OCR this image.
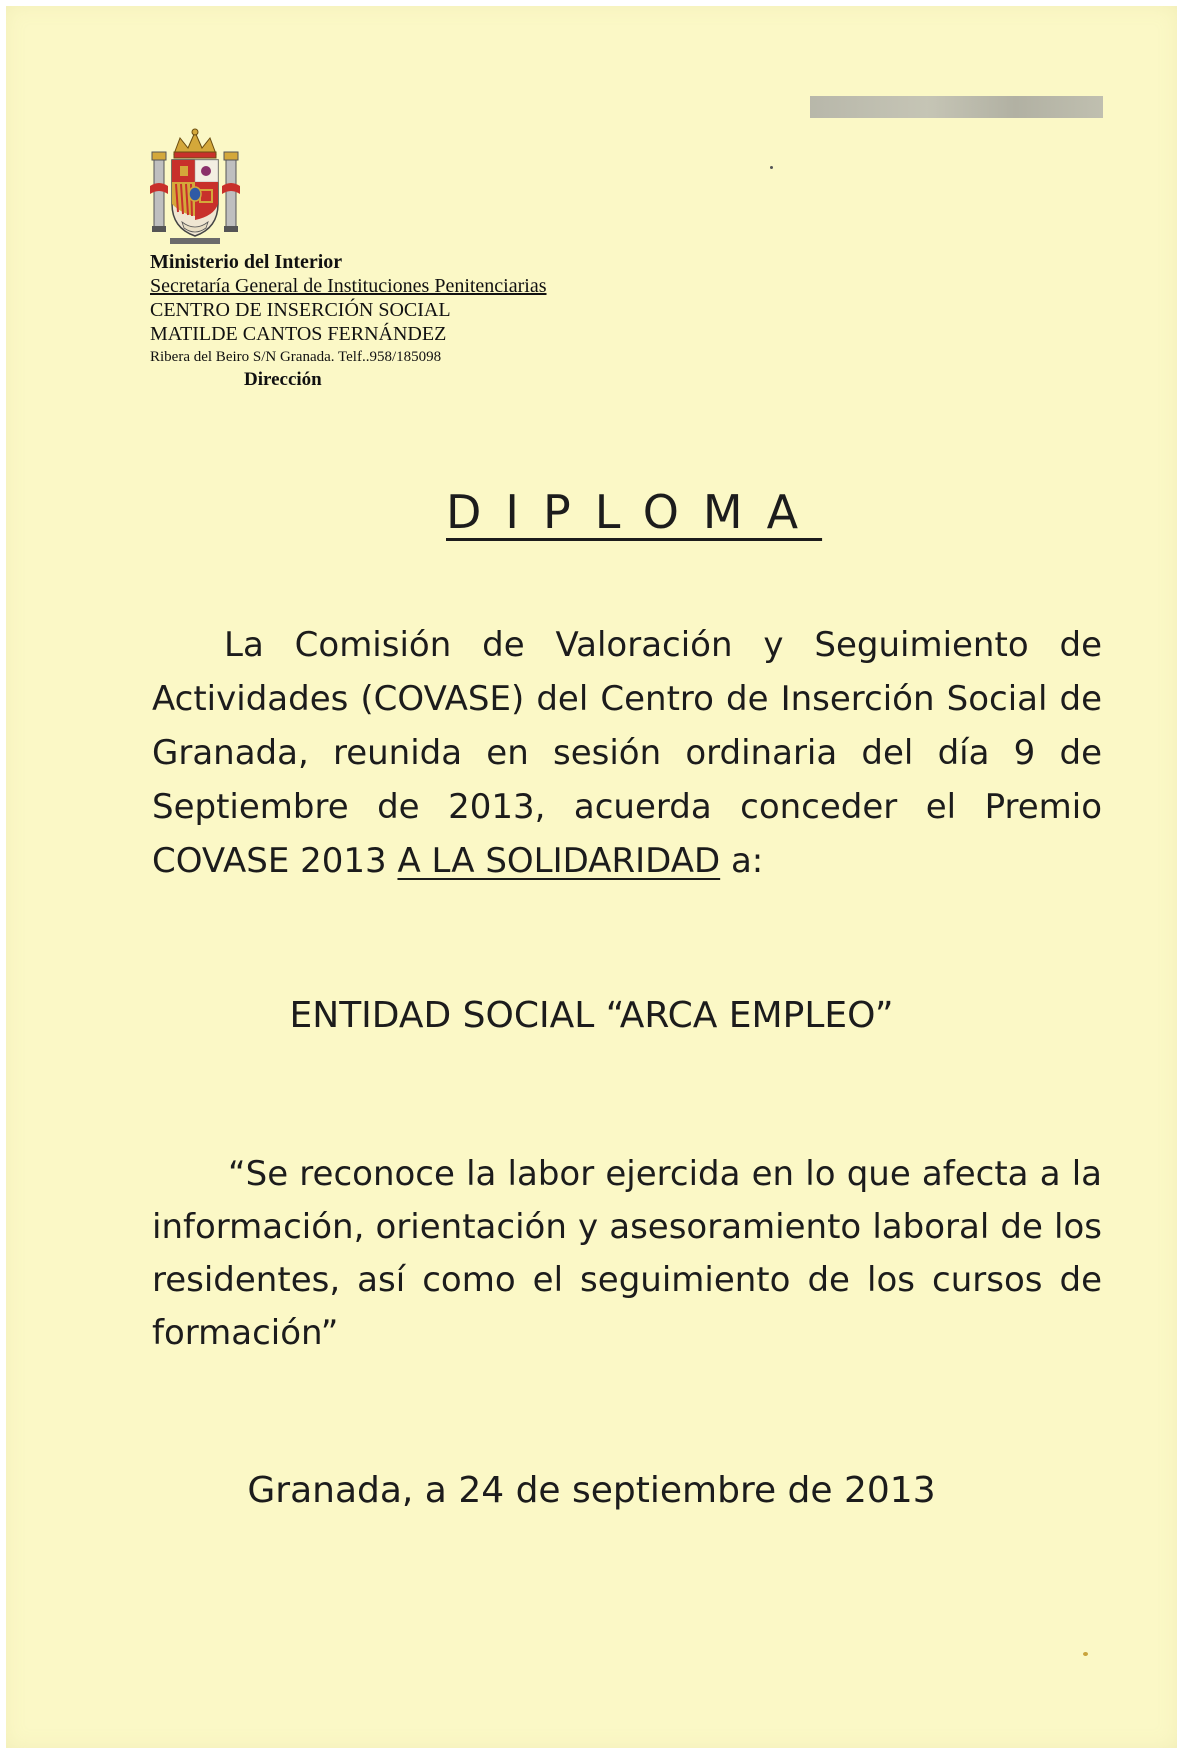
Ministerio del Interior
Secretaría General de Instituciones Penitenciarias
CENTRO DE INSERCIÓN SOCIAL
MATILDE CANTOS FERNÁNDEZ
Ribera del Beiro S/N Granada. Telf..958/185098
Dirección
DIPLOMA
La Comisión de Valoración y Seguimiento de Actividades (COVASE) del Centro de Inserción Social de Granada, reunida en sesión ordinaria del día 9 de Septiembre de 2013, acuerda conceder el Premio COVASE 2013 A LA SOLIDARIDAD a:
ENTIDAD SOCIAL “ARCA EMPLEO”
“Se reconoce la labor ejercida en lo que afecta a la información, orientación y asesoramiento laboral de los residentes, así como el seguimiento de los cursos de formación”
Granada, a 24 de septiembre de 2013
